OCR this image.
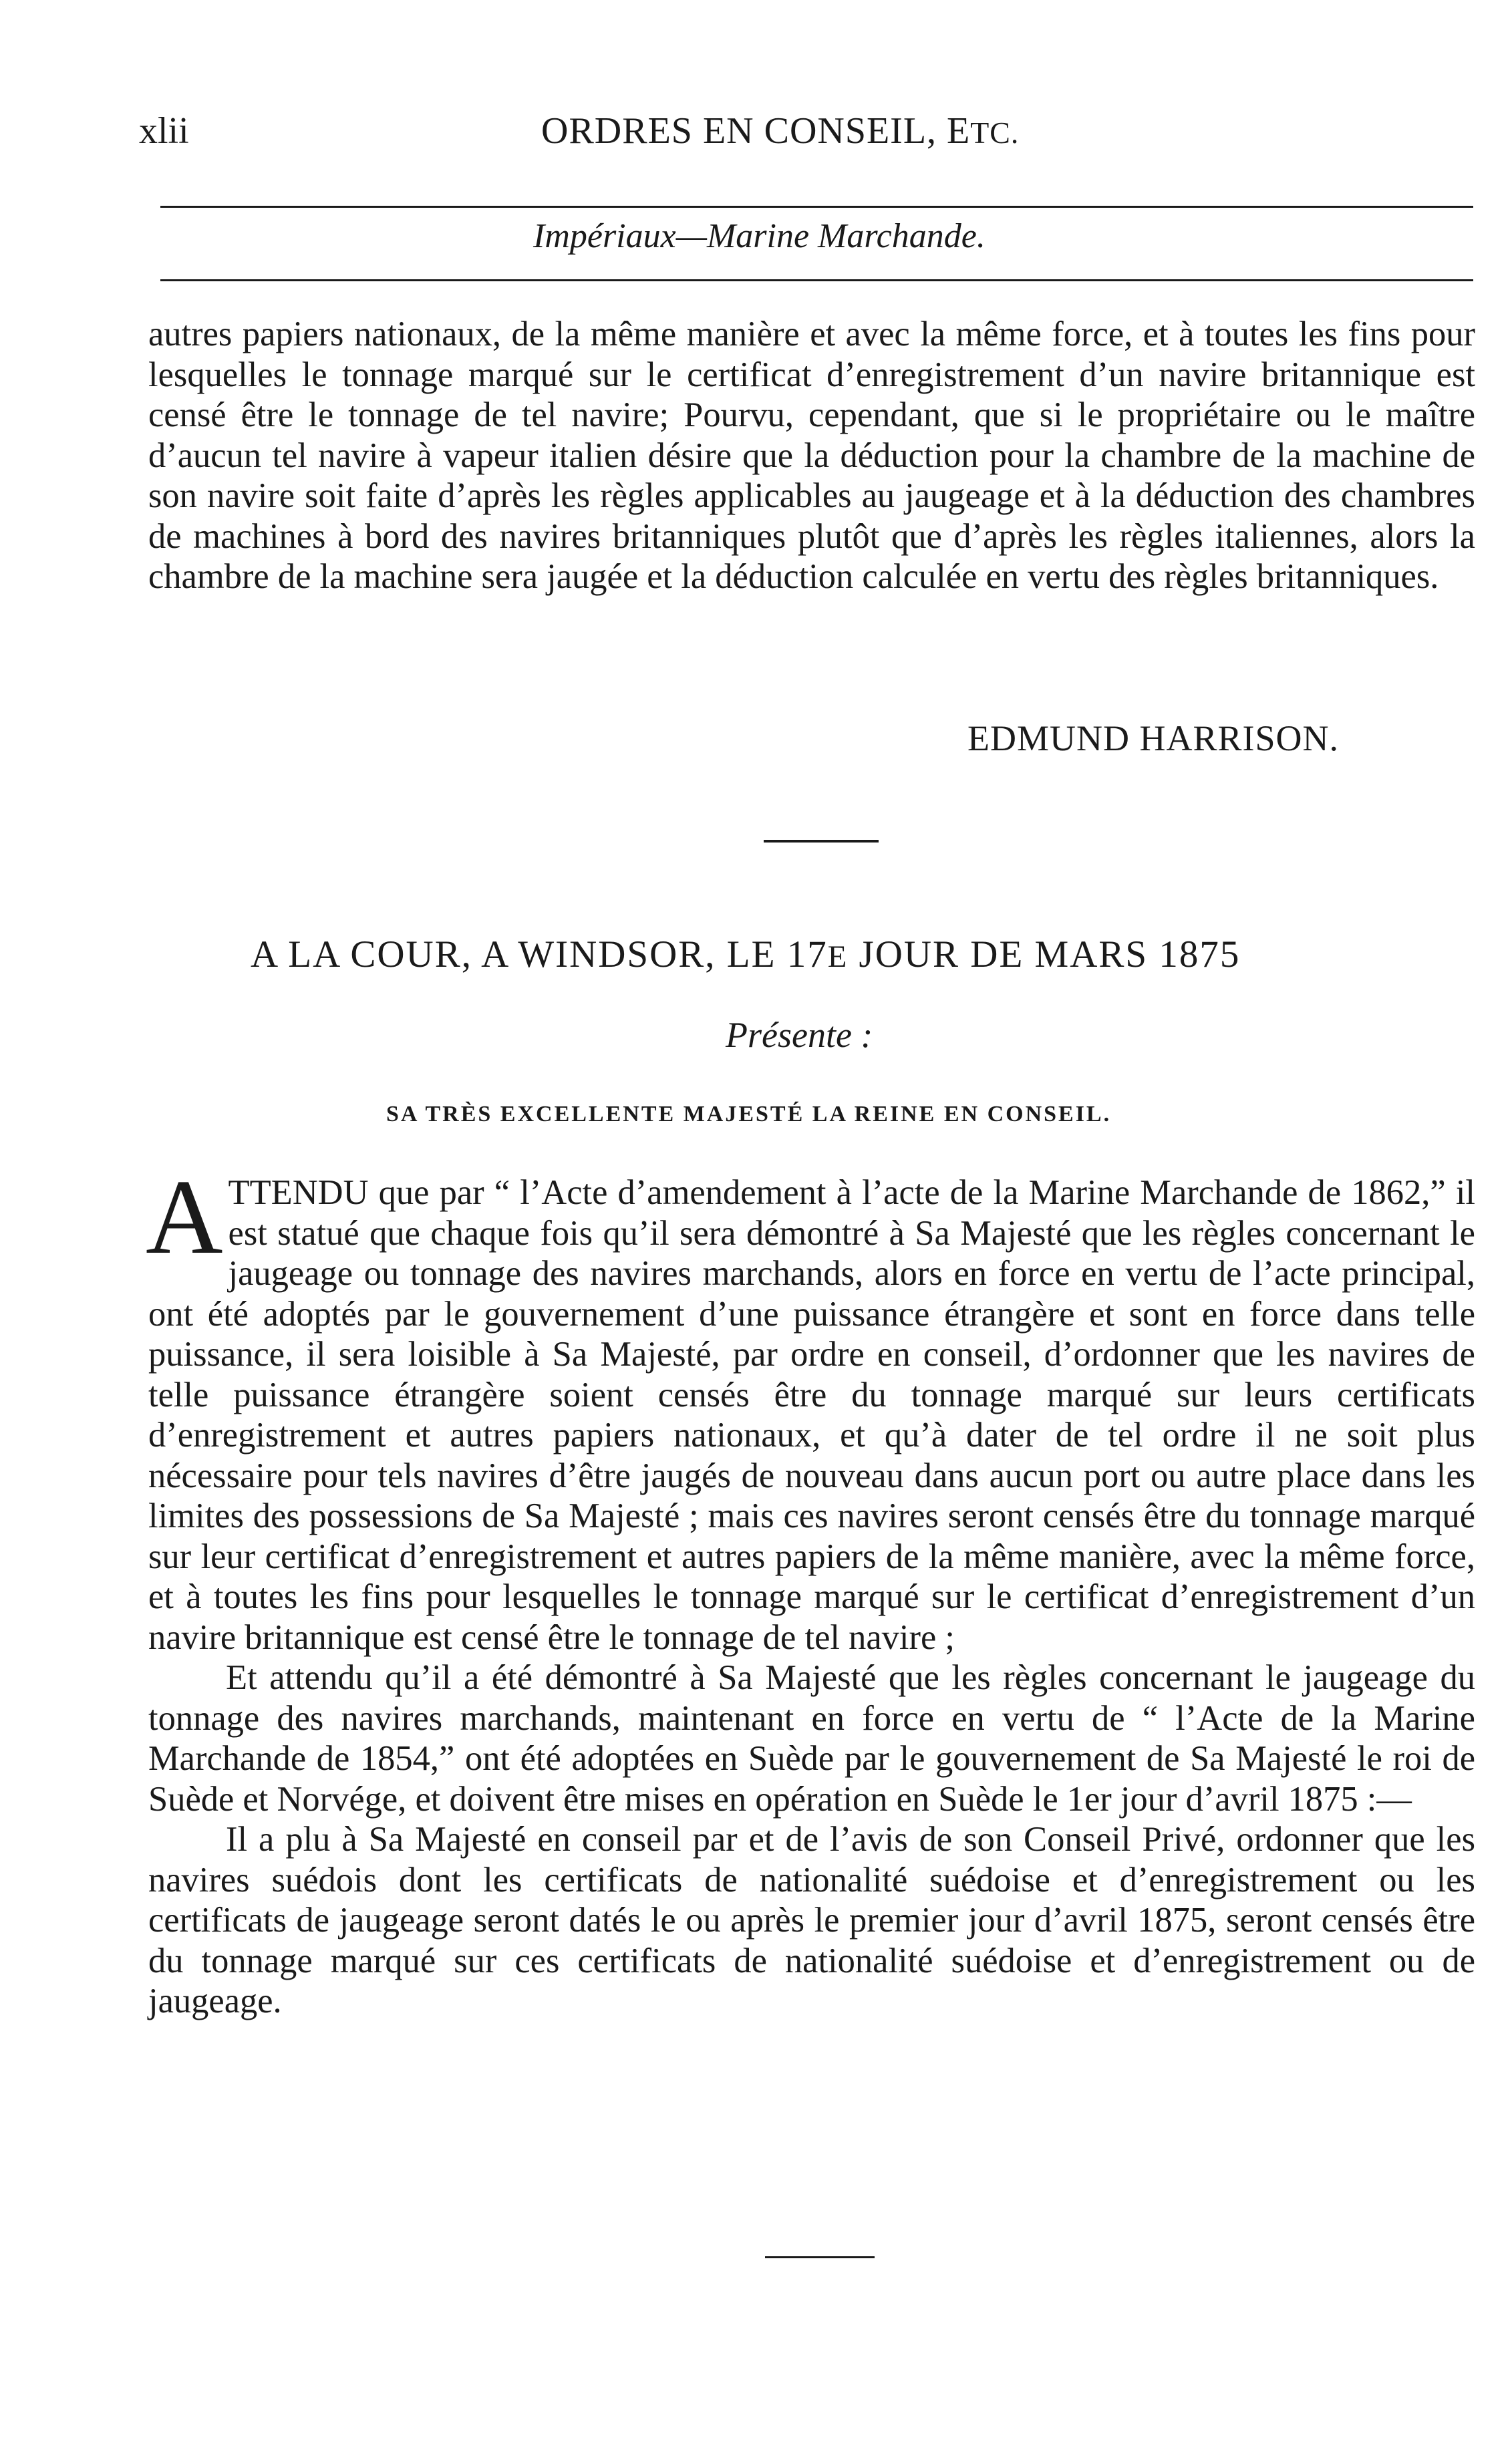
xlii	ORDRES EN CONSEIL, ETC.
Impériaux—Marine Marchande.

autres papiers nationaux, de la même manière et avec la même force, et à toutes les fins pour lesquelles le tonnage marqué sur le certificat d’enregistrement d’un navire britannique est censé être le tonnage de tel navire; Pourvu, cependant, que si le propriétaire ou le maître d’aucun tel navire à vapeur italien désire que la déduction pour la chambre de la machine de son navire soit faite d’après les règles applicables au jaugeage et à la déduction des chambres de machines à bord des navires britanniques plutôt que d’après les règles italiennes, alors la chambre de la machine sera jaugée et la déduction calculée en vertu des règles britanniques.

EDMUND HARRISON.
A LA COUR, A WINDSOR, LE 17E JOUR DE MARS 1875
Présente :
SA TRÈS EXCELLENTE MAJESTÉ LA REINE EN CONSEIL.

ATTENDU que par “ l’Acte d’amendement à l’acte de la Marine Marchande de 1862,” il est statué que chaque fois qu’il sera démontré à Sa Majesté que les règles concernant le jaugeage ou tonnage des navires marchands, alors en force en vertu de l’acte principal, ont été adoptés par le gouvernement d’une puissance étrangère et sont en force dans telle puissance, il sera loisible à Sa Majesté, par ordre en conseil, d’ordonner que les navires de telle puissance étrangère soient censés être du tonnage marqué sur leurs certificats d’enregistrement et autres papiers nationaux, et qu’à dater de tel ordre il ne soit plus nécessaire pour tels navires d’être jaugés de nouveau dans aucun port ou autre place dans les limites des possessions de Sa Majesté ; mais ces navires seront censés être du tonnage marqué sur leur certificat d’enregistrement et autres papiers de la même manière, avec la même force, et à toutes les fins pour lesquelles le tonnage marqué sur le certificat d’enregistrement d’un navire britannique est censé être le tonnage de tel navire ;

Et attendu qu’il a été démontré à Sa Majesté que les règles concernant le jaugeage du tonnage des navires marchands, maintenant en force en vertu de “ l’Acte de la Marine Marchande de 1854,” ont été adoptées en Suède par le gouvernement de Sa Majesté le roi de Suède et Norvége, et doivent être mises en opération en Suède le 1er jour d’avril 1875 :—

Il a plu à Sa Majesté en conseil par et de l’avis de son Conseil Privé, ordonner que les navires suédois dont les certificats de nationalité suédoise et d’enregistrement ou les certificats de jaugeage seront datés le ou après le premier jour d’avril 1875, seront censés être du tonnage marqué sur ces certificats de nationalité suédoise et d’enregistrement ou de jaugeage.
